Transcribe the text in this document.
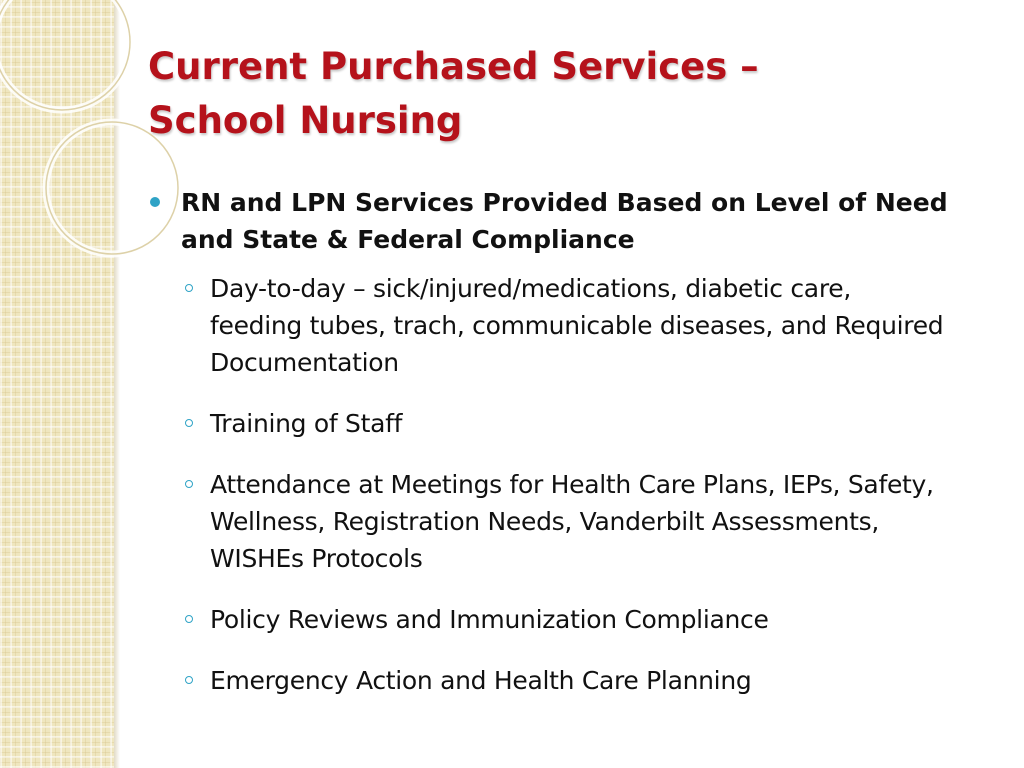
Current Purchased Services –
School Nursing
RN and LPN Services Provided Based on Level of Need and State & Federal Compliance
Day-to-day – sick/injured/medications, diabetic care, feeding tubes, trach, communicable diseases, and Required Documentation
Training of Staff
Attendance at Meetings for Health Care Plans, IEPs, Safety, Wellness, Registration Needs, Vanderbilt Assessments, WISHEs Protocols
Policy Reviews and Immunization Compliance
Emergency Action and Health Care Planning
